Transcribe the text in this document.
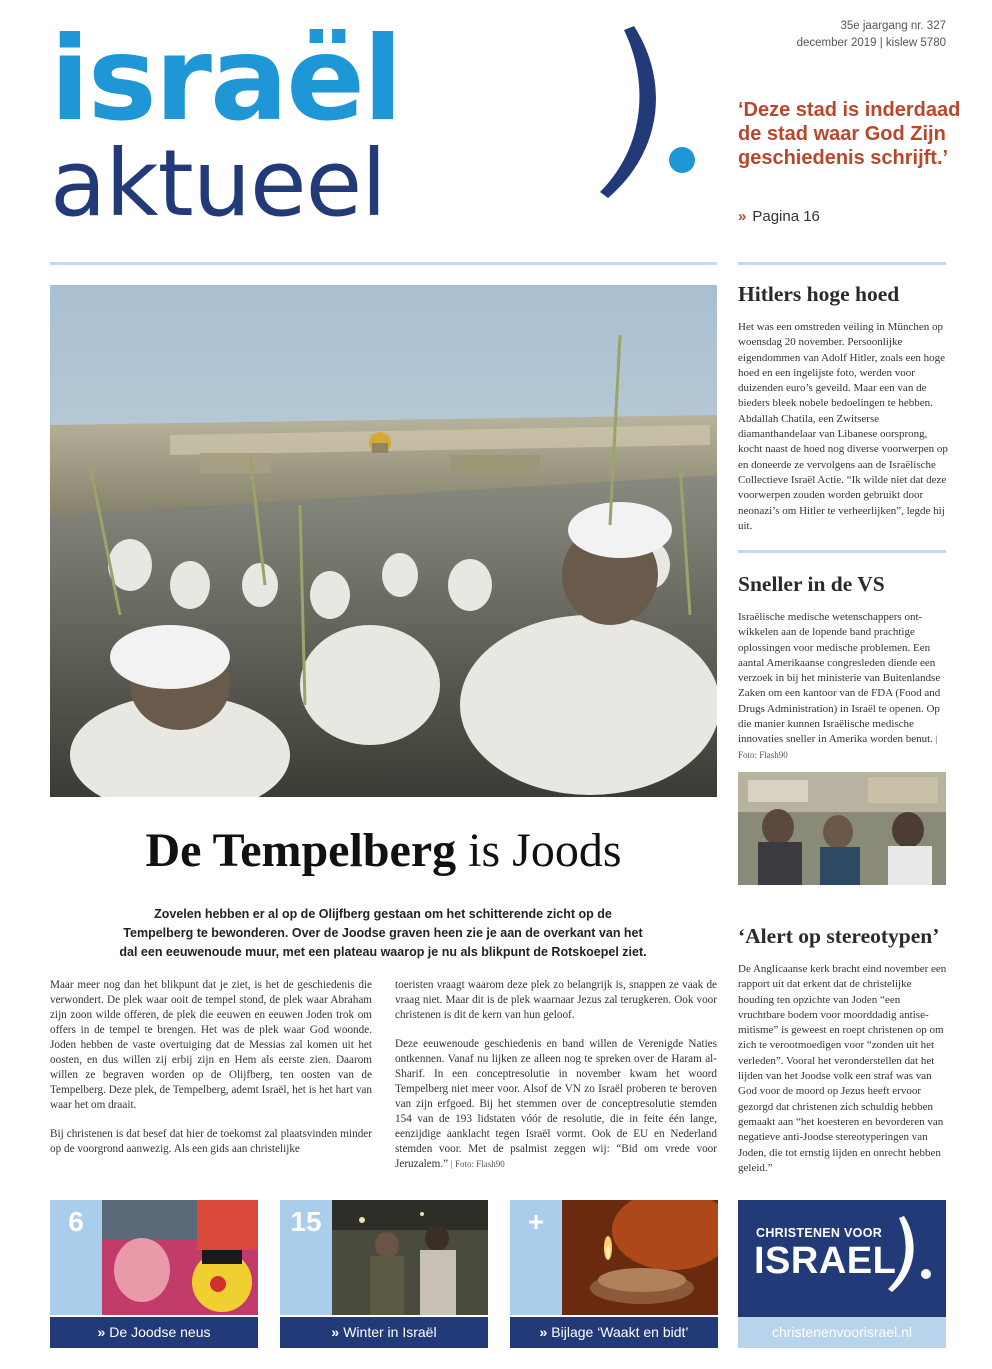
israël
aktueel
35e jaargang nr. 327
december 2019 | kislew 5780
‘Deze stad is inderdaad de stad waar God Zijn geschiedenis schrijft.’
» Pagina 16
De Tempelberg is Joods
Zovelen hebben er al op de Olijfberg gestaan om het schitterende zicht op de Tempelberg te bewonderen. Over de Joodse graven heen zie je aan de overkant van het dal een eeuwenoude muur, met een plateau waarop je nu als blikpunt de Rotskoepel ziet.

Maar meer nog dan het blikpunt dat je ziet, is het de geschiedenis die verwondert. De plek waar ooit de tempel stond, de plek waar Abraham zijn zoon wilde offeren, de plek die eeuwen en eeuwen Joden trok om offers in de tempel te brengen. Het was de plek waar God woonde. Joden hebben de vaste overtuiging dat de Messias zal komen uit het oosten, en dus willen zij erbij zijn en Hem als eerste zien. Daarom willen ze begraven worden op de Olijfberg, ten oosten van de Tempelberg. Deze plek, de Tempelberg, ademt Israël, het is het hart van waar het om draait.

Bij christenen is dat besef dat hier de toekomst zal plaatsvinden minder op de voorgrond aanwezig. Als een gids aan christelijke

toeristen vraagt waarom deze plek zo belangrijk is, snappen ze vaak de vraag niet. Maar dit is de plek waarnaar Jezus zal terugkeren. Ook voor christenen is dit de kern van hun geloof.

Deze eeuwenoude geschiedenis en band willen de Verenigde Naties ontkennen. Vanaf nu lijken ze alleen nog te spreken over de Haram al-Sharif. In een conceptresolutie in november kwam het woord Tempelberg niet meer voor. Alsof de VN zo Israël proberen te beroven van zijn erfgoed. Bij het stemmen over de conceptresolutie stemden 154 van de 193 lidstaten vóór de resolutie, die in feite één lange, eenzijdige aanklacht tegen Israël vormt. Ook de EU en Nederland stemden voor. Met de psalmist zeggen wij: “Bid om vrede voor Jeruzalem.” | Foto: Flash90

Hitlers hoge hoed
Het was een omstreden veiling in München op woensdag 20 november. Persoonlijke eigendommen van Adolf Hitler, zoals een hoge hoed en een ingelijste foto, werden voor duizenden euro’s geveild. Maar een van de bieders bleek nobele bedoelingen te hebben. Abdallah Chatila, een Zwitserse diamanthandelaar van Libanese oorsprong, kocht naast de hoed nog diverse voorwerpen op en doneerde ze vervolgens aan de Israëlische Collectieve Israël Actie. “Ik wilde niet dat deze voorwerpen zouden worden gebruikt door neonazi’s om Hitler te verheerlijken”, legde hij uit.
Sneller in de VS
Israëlische medische wetenschappers ontwikkelen aan de lopende band prachtige oplossingen voor medische problemen. Een aantal Amerikaanse congresleden diende een verzoek in bij het ministerie van Buitenlandse Zaken om een kantoor van de FDA (Food and Drugs Administration) in Israël te openen. Op die manier kunnen Israëlische medische innovaties sneller in Amerika worden benut. | Foto: Flash90
‘Alert op stereotypen’
De Anglicaanse kerk bracht eind november een rapport uit dat erkent dat de christelijke houding ten opzichte van Joden “een vruchtbare bodem voor moorddadig antisemitisme” is geweest en roept christenen op om zich te verootmoedigen voor “zonden uit het verleden”. Vooral het veronderstellen dat het lijden van het Joodse volk een straf was van God voor de moord op Jezus heeft ervoor gezorgd dat christenen zich schuldig hebben gemaakt aan “het koesteren en bevorderen van negatieve anti-Joodse stereotyperingen van Joden, die tot ernstig lijden en onrecht hebben geleid.”
6
» De Joodse neus
15
» Winter in Israël
+
» Bijlage ‘Waakt en bidt’
CHRISTENEN VOOR
ISRAEL
christenenvoorisrael.nl
